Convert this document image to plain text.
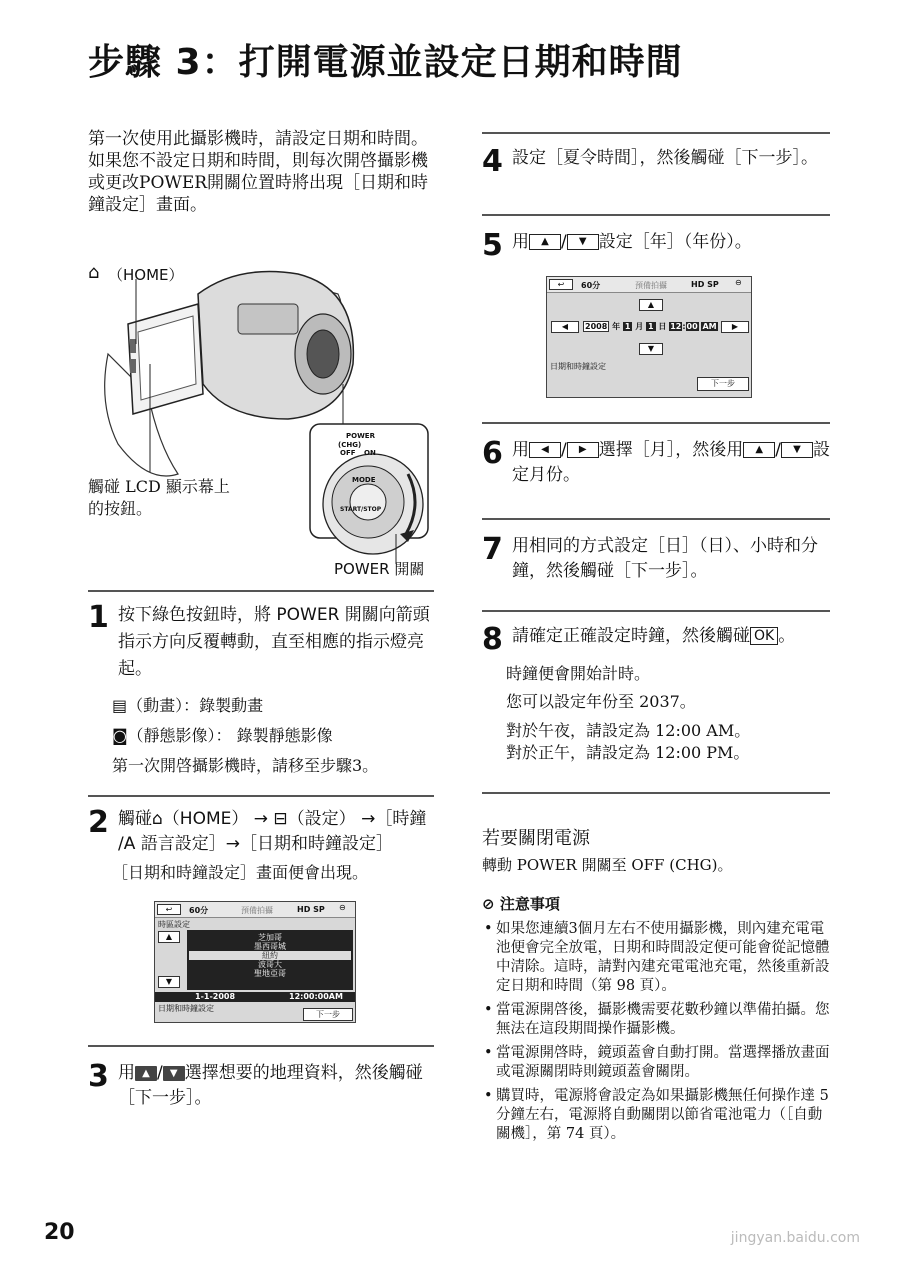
步驟 3：打開電源並設定日期和時間

第一次使用此攝影機時，請設定日期和時間。如果您不設定日期和時間，則每次開啓攝影機或更改POWER開關位置時將出現［日期和時鐘設定］畫面。

⌂ （HOME）
POWER
(CHG)
OFF ON
MODE
START/STOP
觸碰 LCD 顯示幕上的按鈕。
POWER 開關
1 按下綠色按鈕時，將 POWER 開關向箭頭指示方向反覆轉動，直至相應的指示燈亮起。
▤（動畫）：錄製動畫
◙（靜態影像）： 錄製靜態影像
第一次開啓攝影機時，請移至步驟3。
2 觸碰⌂（HOME） → ⊟（設定） →［時鐘 /A 語言設定］→［日期和時鐘設定］
［日期和時鐘設定］畫面便會出現。
↩	60分	預備拍攝	HD SP ⊖
時區設定
▲
▼
芝加哥
墨西哥城
紐約
波哥大
聖地亞哥
1-1-2008	12:00:00AM
日期和時鐘設定
下一步
3 用 ▲ / ▼ 選擇想要的地理資料，然後觸碰［下一步］。
4 設定［夏令時間］，然後觸碰［下一步］。
5 用 ▲ / ▼ 設定［年］（年份）。
↩	60分	預備拍攝	HD SP ⊖
▲
◀	▶
2008 年 1 月 1 日 12:00 AM
▼
日期和時鐘設定
下一步
6 用 ◀ / ▶ 選擇［月］，然後用 ▲ / ▼ 設定月份。
7 用相同的方式設定［日］（日）、小時和分鐘，然後觸碰［下一步］。
8 請確定正確設定時鐘，然後觸碰 OK 。
時鐘便會開始計時。
您可以設定年份至 2037。
對於午夜，請設定為 12:00 AM。
對於正午，請設定為 12:00 PM。
若要關閉電源
轉動 POWER 開關至 OFF (CHG)。
⊘ 注意事項
• 如果您連續3個月左右不使用攝影機，則內建充電電池便會完全放電，日期和時間設定便可能會從記憶體中清除。這時，請對內建充電電池充電，然後重新設定日期和時間（第 98 頁）。
• 當電源開啓後，攝影機需要花數秒鐘以準備拍攝。您無法在這段期間操作攝影機。
• 當電源開啓時，鏡頭蓋會自動打開。當選擇播放畫面或電源關閉時則鏡頭蓋會關閉。
• 購買時，電源將會設定為如果攝影機無任何操作達 5 分鐘左右，電源將自動關閉以節省電池電力（［自動關機］，第 74 頁）。
20	jingyan.baidu.com
